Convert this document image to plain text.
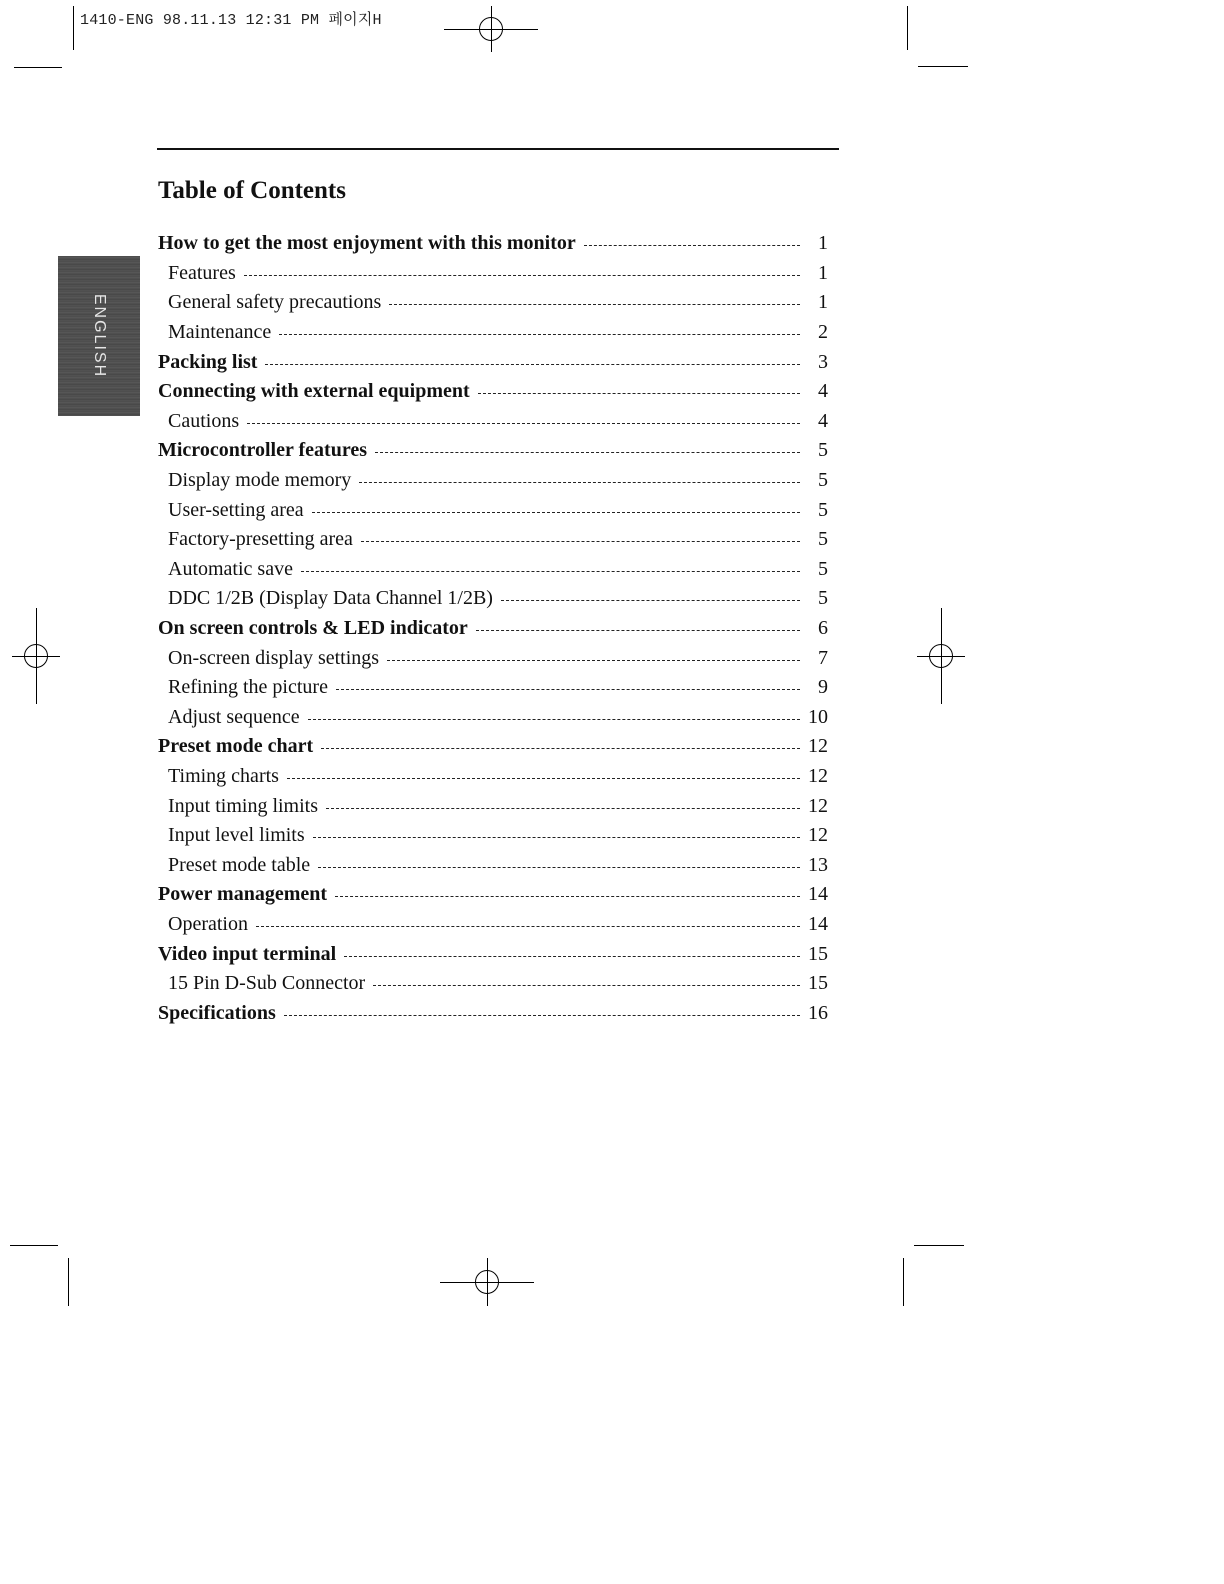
1410-ENG 98.11.13 12:31 PM 페이지H
Table of Contents
ENGLISH
How to get the most enjoyment with this monitor	1
Features	1
General safety precautions	1
Maintenance	2
Packing list	3
Connecting with external equipment	4
Cautions	4
Microcontroller features	5
Display mode memory	5
User-setting area	5
Factory-presetting area	5
Automatic save	5
DDC 1/2B (Display Data Channel 1/2B)	5
On screen controls & LED indicator	6
On-screen display settings	7
Refining the picture	9
Adjust sequence	10
Preset mode chart	12
Timing charts	12
Input timing limits	12
Input level limits	12
Preset mode table	13
Power management	14
Operation	14
Video input terminal	15
15 Pin D-Sub Connector	15
Specifications	16
